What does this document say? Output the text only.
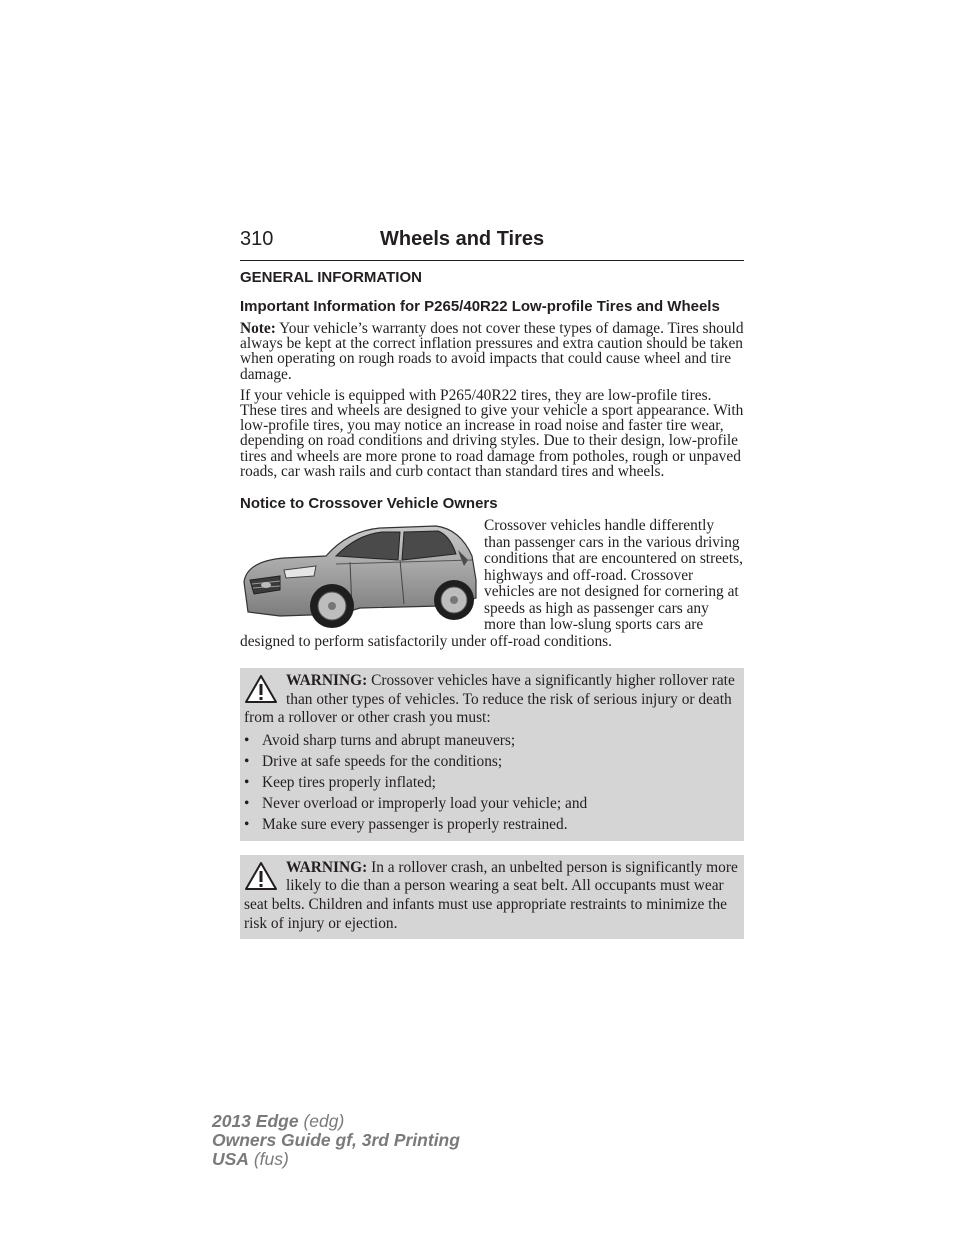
310	Wheels and Tires
GENERAL INFORMATION
Important Information for P265/40R22 Low-profile Tires and Wheels

Note: Your vehicle’s warranty does not cover these types of damage. Tires should always be kept at the correct inflation pressures and extra caution should be taken when operating on rough roads to avoid impacts that could cause wheel and tire damage.

If your vehicle is equipped with P265/40R22 tires, they are low-profile tires. These tires and wheels are designed to give your vehicle a sport appearance. With low-profile tires, you may notice an increase in road noise and faster tire wear, depending on road conditions and driving styles. Due to their design, low-profile tires and wheels are more prone to road damage from potholes, rough or unpaved roads, car wash rails and curb contact than standard tires and wheels.

Notice to Crossover Vehicle Owners
Crossover vehicles handle differently than passenger cars in the various driving conditions that are encountered on streets, highways and off-road. Crossover vehicles are not designed for cornering at speeds as high as passenger cars any more than low-slung sports cars are designed to perform satisfactorily under off-road conditions.
WARNING: Crossover vehicles have a significantly higher rollover rate than other types of vehicles. To reduce the risk of serious injury or death from a rollover or other crash you must:
• Avoid sharp turns and abrupt maneuvers;
• Drive at safe speeds for the conditions;
• Keep tires properly inflated;
• Never overload or improperly load your vehicle; and
• Make sure every passenger is properly restrained.
WARNING: In a rollover crash, an unbelted person is significantly more likely to die than a person wearing a seat belt. All occupants must wear seat belts. Children and infants must use appropriate restraints to minimize the risk of injury or ejection.
2013 Edge (edg)
Owners Guide gf, 3rd Printing
USA (fus)
